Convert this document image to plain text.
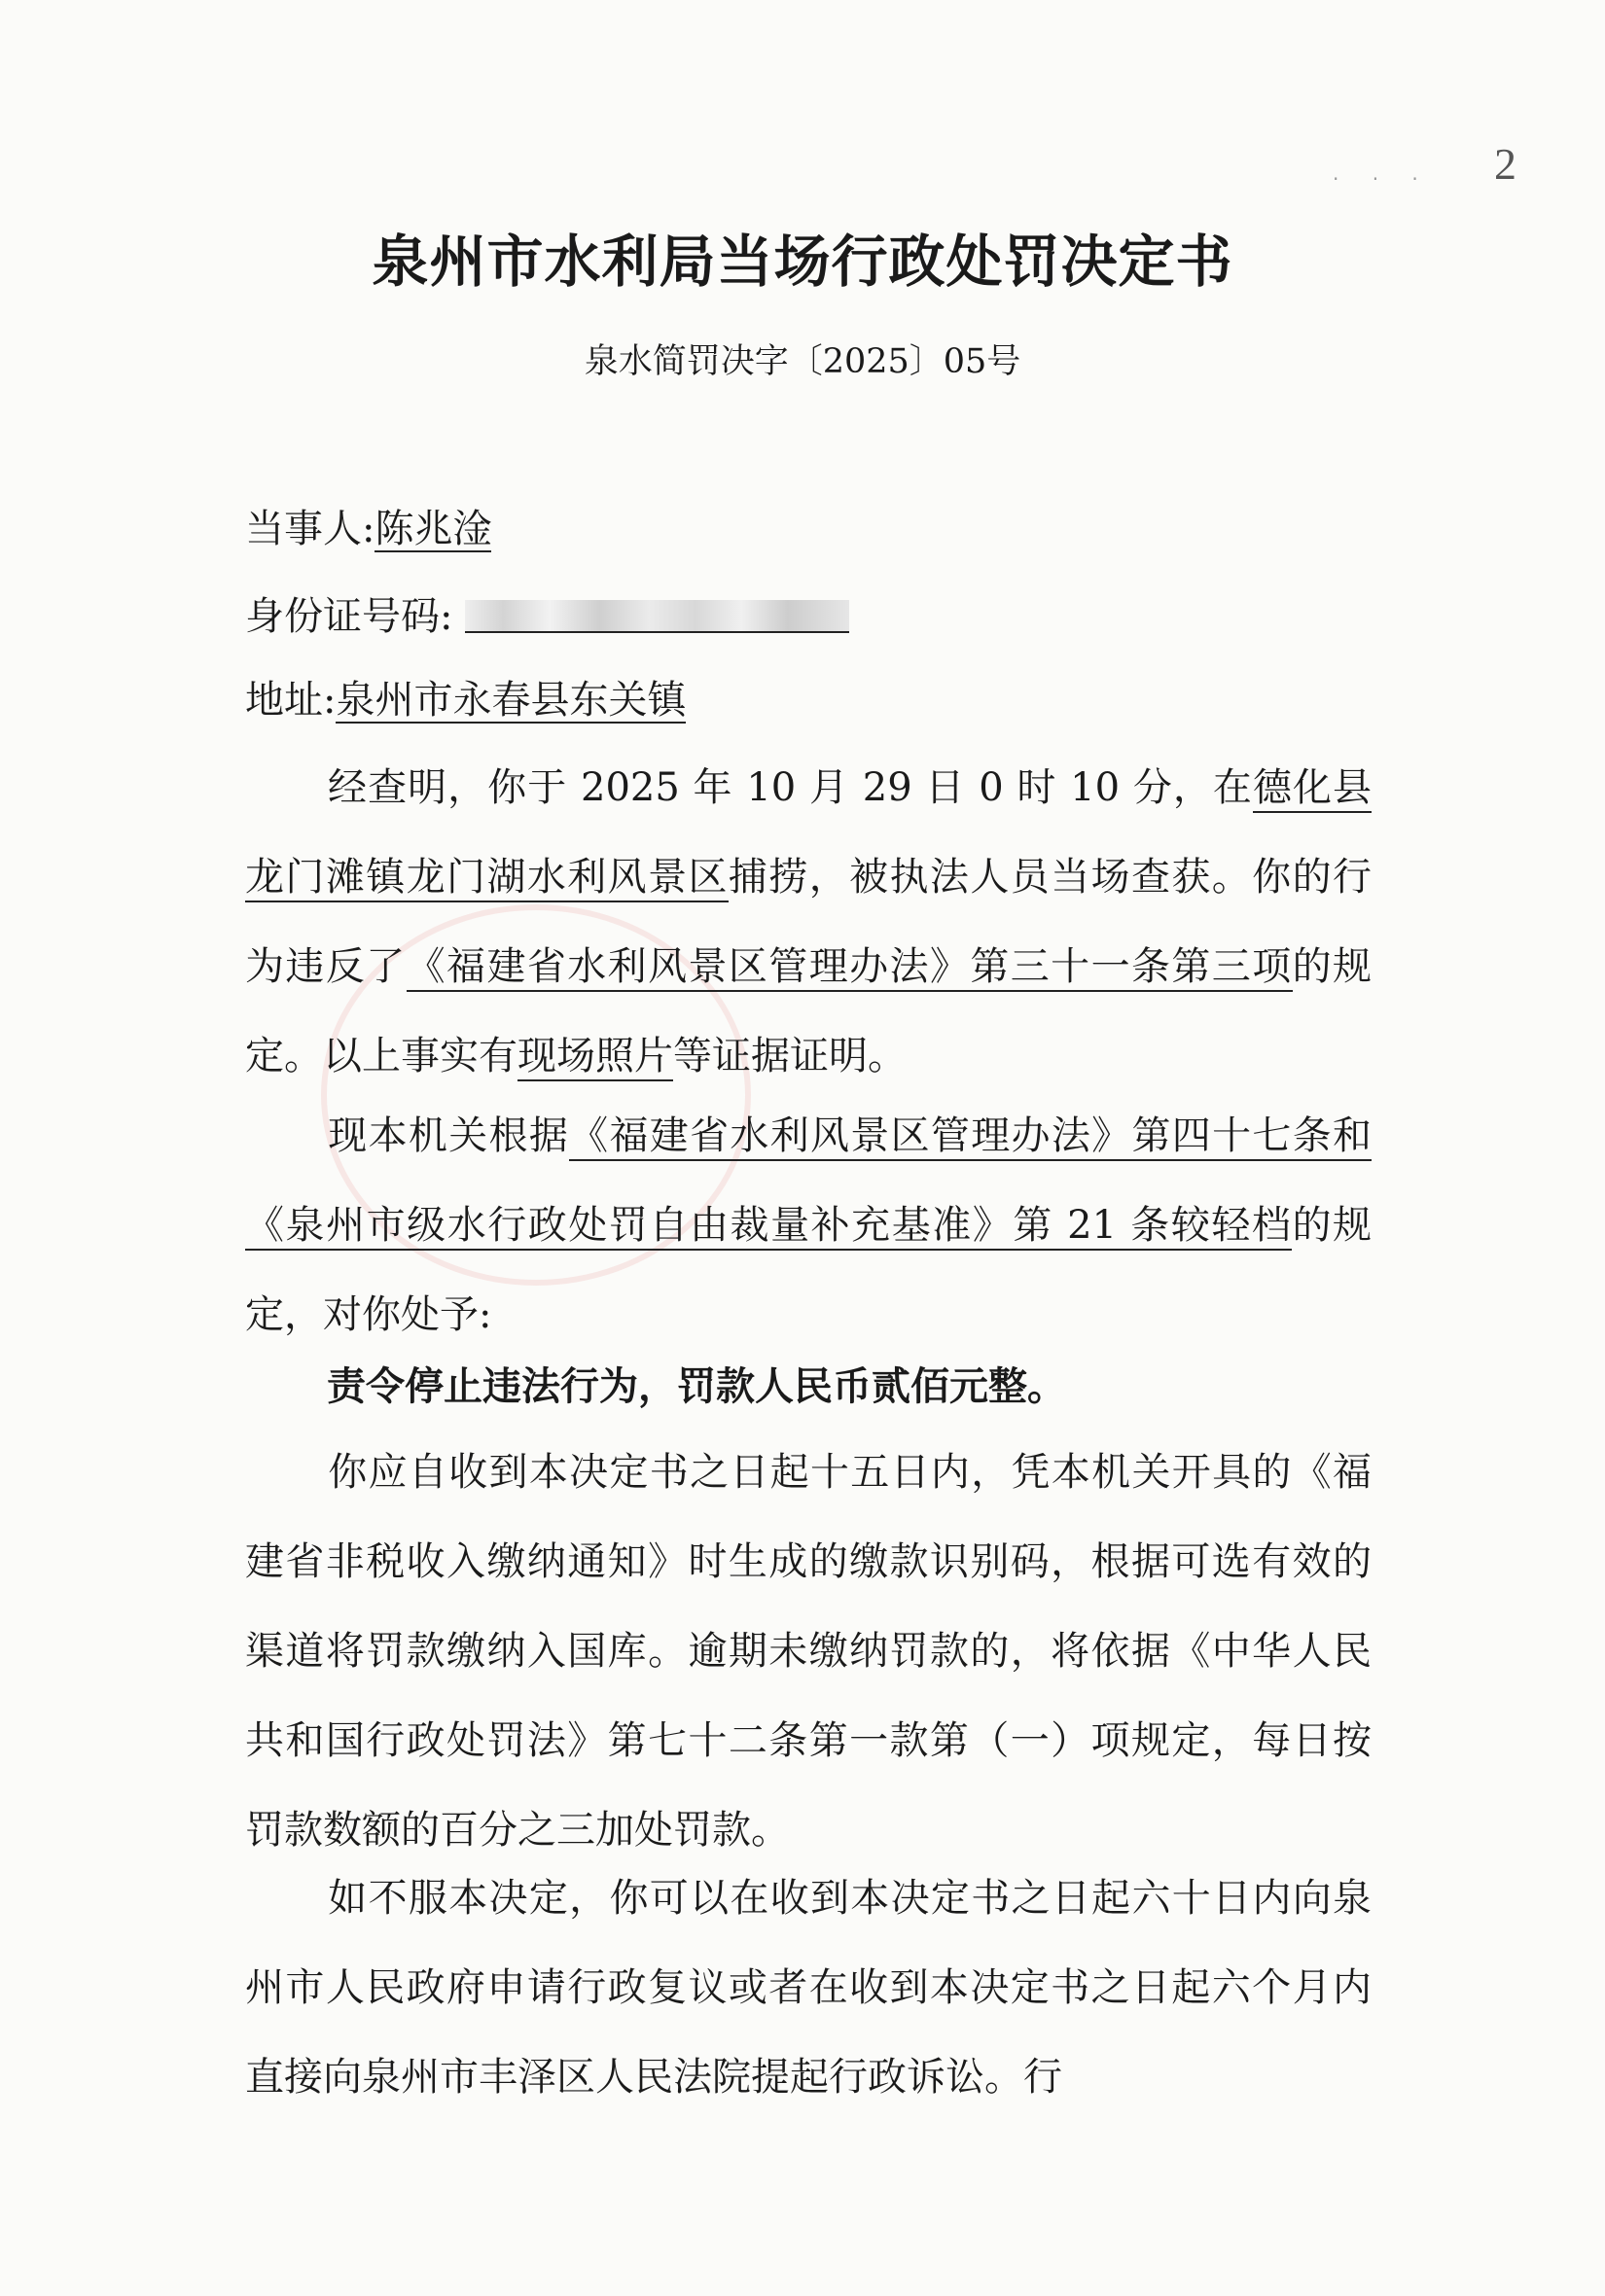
· · · 2
泉州市水利局当场行政处罚决定书
泉水简罚决字〔2025〕05号
当事人:陈兆淦
身份证号码:
地址:泉州市永春县东关镇
经查明，你于 2025 年 10 月 29 日 0 时 10 分，在德化县龙门滩镇龙门湖水利风景区捕捞，被执法人员当场查获。你的行为违反了《福建省水利风景区管理办法》第三十一条第三项的规定。以上事实有现场照片等证据证明。
现本机关根据《福建省水利风景区管理办法》第四十七条和《泉州市级水行政处罚自由裁量补充基准》第 21 条较轻档的规定，对你处予:
责令停止违法行为，罚款人民币贰佰元整。
你应自收到本决定书之日起十五日内，凭本机关开具的《福建省非税收入缴纳通知》时生成的缴款识别码，根据可选有效的渠道将罚款缴纳入国库。逾期未缴纳罚款的，将依据《中华人民共和国行政处罚法》第七十二条第一款第（一）项规定，每日按罚款数额的百分之三加处罚款。
如不服本决定，你可以在收到本决定书之日起六十日内向泉州市人民政府申请行政复议或者在收到本决定书之日起六个月内直接向泉州市丰泽区人民法院提起行政诉讼。行
